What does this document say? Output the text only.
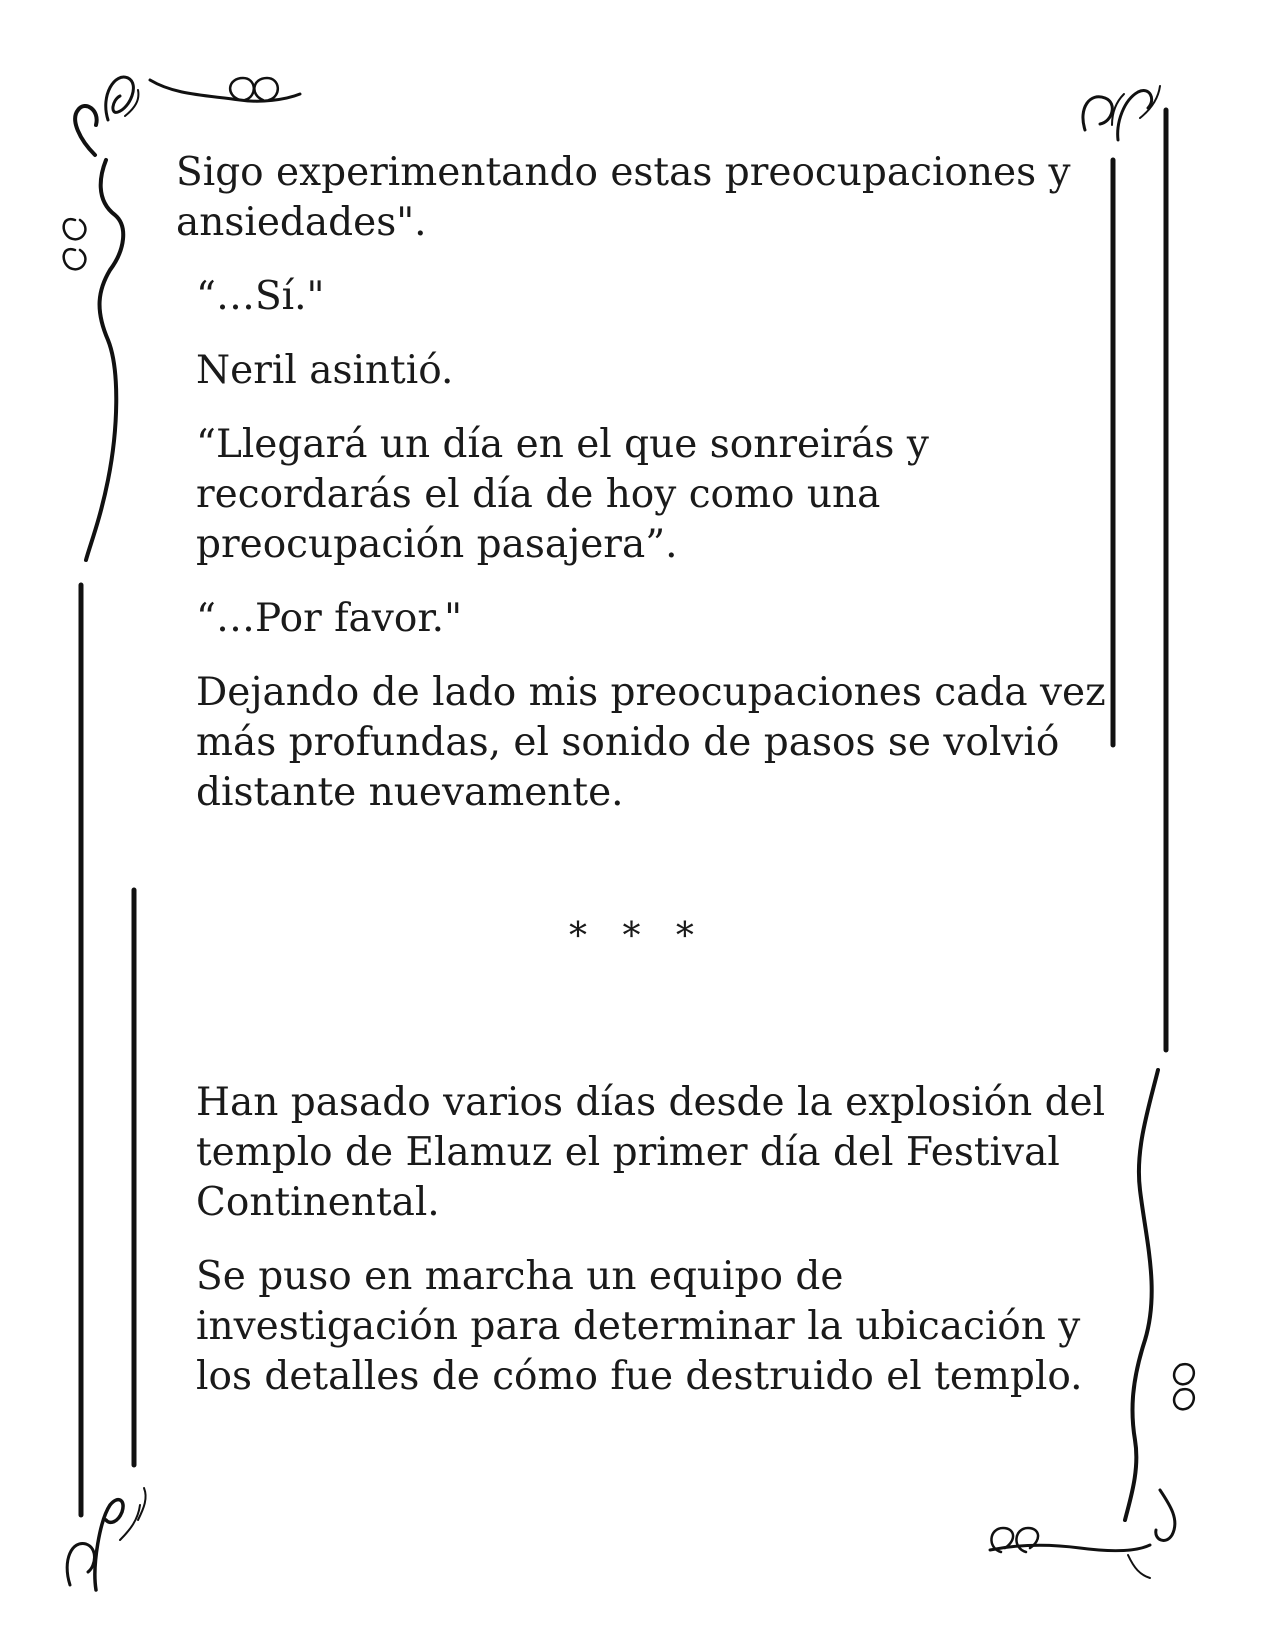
Sigo experimentando estas preocupaciones y
ansiedades".

“…Sí."

Neril asintió.

“Llegará un día en el que sonreirás y
recordarás el día de hoy como una
preocupación pasajera”.

“…Por favor."

Dejando de lado mis preocupaciones cada vez
más profundas, el sonido de pasos se volvió
distante nuevamente.

* * *

Han pasado varios días desde la explosión del
templo de Elamuz el primer día del Festival
Continental.

Se puso en marcha un equipo de
investigación para determinar la ubicación y
los detalles de cómo fue destruido el templo.
